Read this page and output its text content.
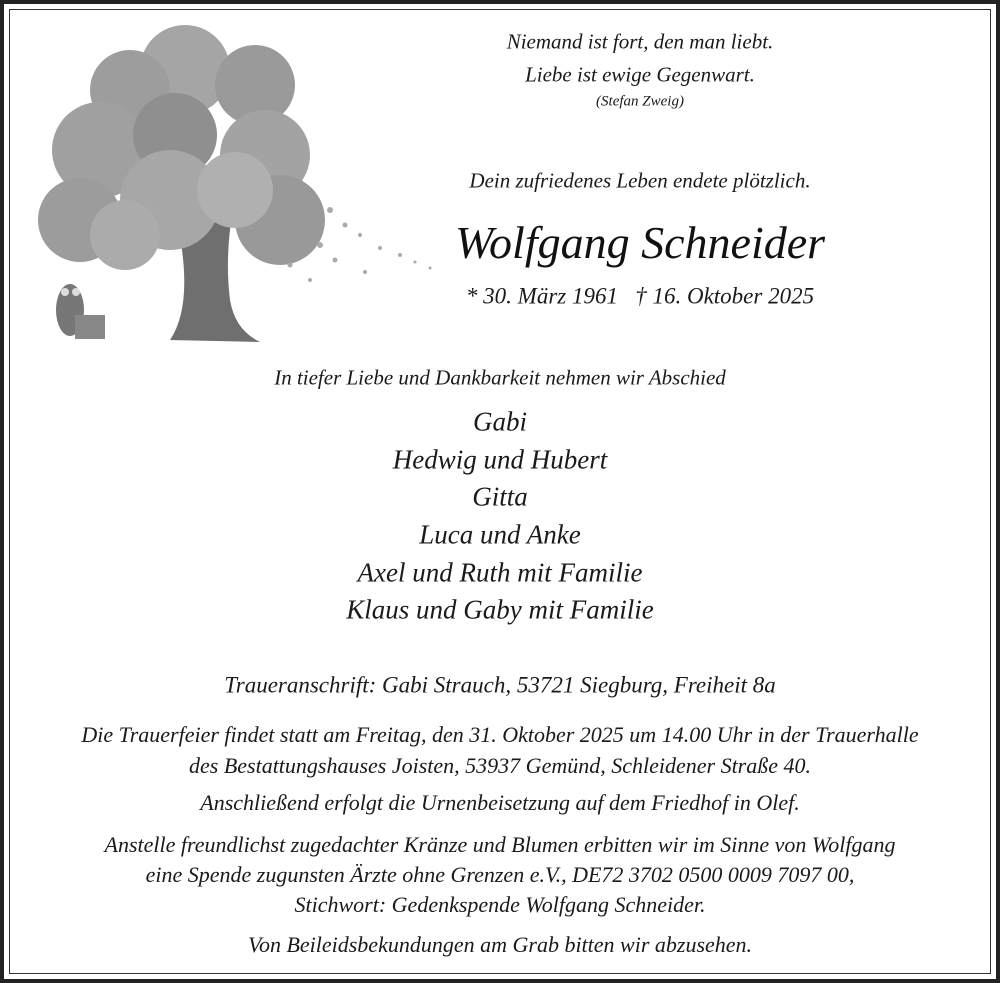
Niemand ist fort, den man liebt.
Liebe ist ewige Gegenwart.
(Stefan Zweig)
Dein zufriedenes Leben endete plötzlich.
Wolfgang Schneider
* 30. März 1961   † 16. Oktober 2025
In tiefer Liebe und Dankbarkeit nehmen wir Abschied
Gabi
Hedwig und Hubert
Gitta
Luca und Anke
Axel und Ruth mit Familie
Klaus und Gaby mit Familie
Traueranschrift: Gabi Strauch, 53721 Siegburg, Freiheit 8a
Die Trauerfeier findet statt am Freitag, den 31. Oktober 2025 um 14.00 Uhr in der Trauerhalle
des Bestattungshauses Joisten, 53937 Gemünd, Schleidener Straße 40.
Anschließend erfolgt die Urnenbeisetzung auf dem Friedhof in Olef.
Anstelle freundlichst zugedachter Kränze und Blumen erbitten wir im Sinne von Wolfgang
eine Spende zugunsten Ärzte ohne Grenzen e.V., DE72 3702 0500 0009 7097 00,
Stichwort: Gedenkspende Wolfgang Schneider.
Von Beileidsbekundungen am Grab bitten wir abzusehen.
